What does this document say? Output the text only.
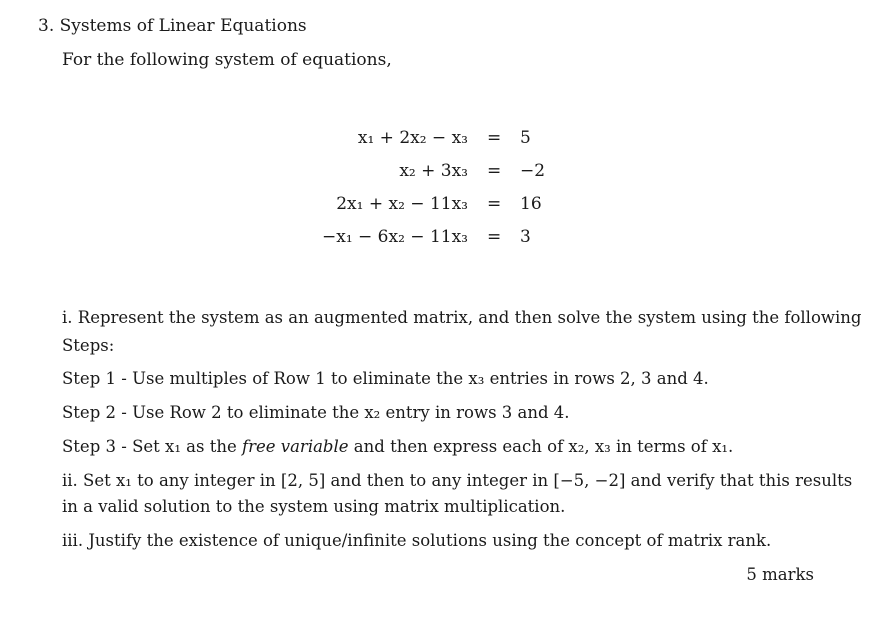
3. Systems of Linear Equations
For the following system of equations,
x₁ + 2x₂ − x₃ = 5
x₂ + 3x₃ = −2
2x₁ + x₂ − 11x₃ = 16
−x₁ − 6x₂ − 11x₃ = 3
i. Represent the system as an augmented matrix, and then solve the system using the following
Steps:
Step 1 - Use multiples of Row 1 to eliminate the x₃ entries in rows 2, 3 and 4.
Step 2 - Use Row 2 to eliminate the x₂ entry in rows 3 and 4.
Step 3 - Set x₁ as the free variable and then express each of x₂, x₃ in terms of x₁.
ii. Set x₁ to any integer in [2, 5] and then to any integer in [−5, −2] and verify that this results
in a valid solution to the system using matrix multiplication.
iii. Justify the existence of unique/infinite solutions using the concept of matrix rank.
5 marks
